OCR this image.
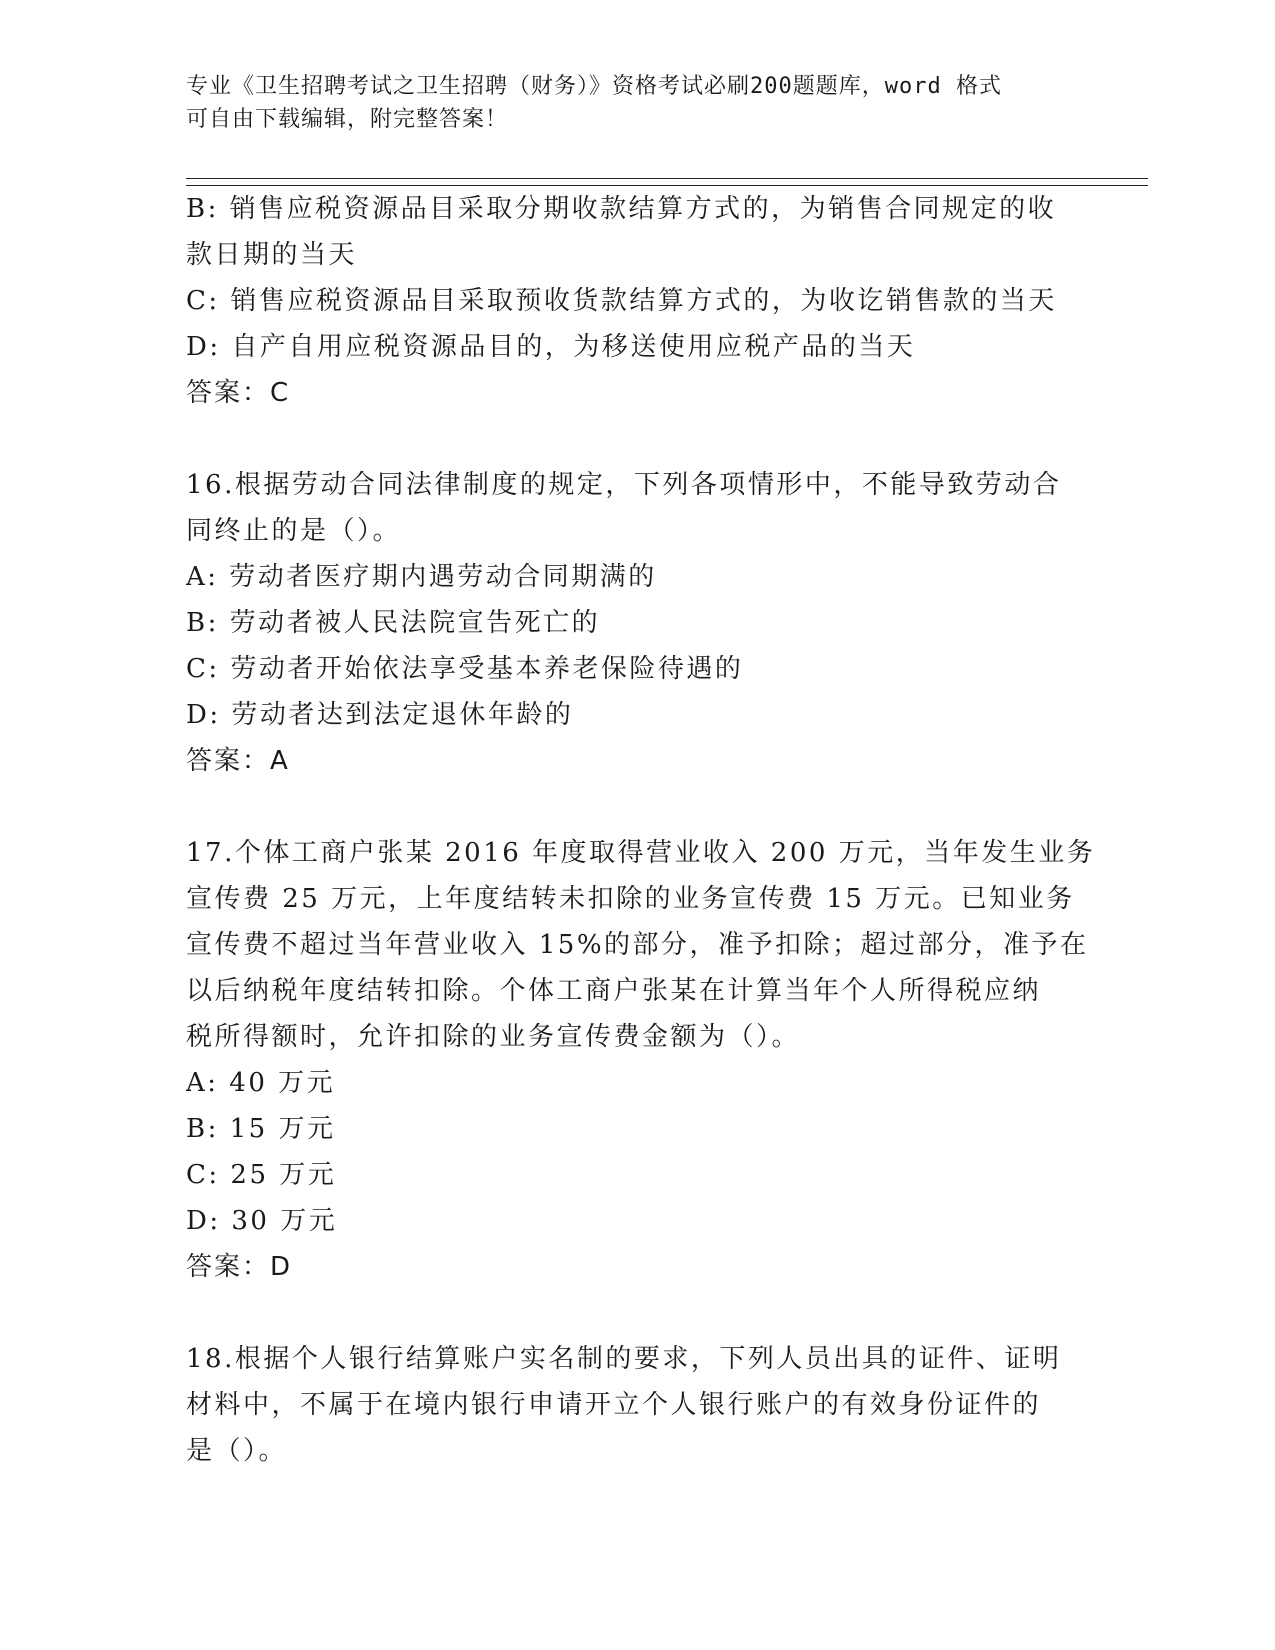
专业《卫生招聘考试之卫生招聘（财务）》资格考试必刷200题题库，word 格式
可自由下载编辑，附完整答案！
B: 销售应税资源品目采取分期收款结算方式的，为销售合同规定的收
款日期的当天
C: 销售应税资源品目采取预收货款结算方式的，为收讫销售款的当天
D: 自产自用应税资源品目的，为移送使用应税产品的当天
答案：C
16.根据劳动合同法律制度的规定，下列各项情形中，不能导致劳动合
同终止的是（）。
A: 劳动者医疗期内遇劳动合同期满的
B: 劳动者被人民法院宣告死亡的
C: 劳动者开始依法享受基本养老保险待遇的
D: 劳动者达到法定退休年龄的
答案：A
17.个体工商户张某 2016 年度取得营业收入 200 万元，当年发生业务
宣传费 25 万元，上年度结转未扣除的业务宣传费 15 万元。已知业务
宣传费不超过当年营业收入 15%的部分，准予扣除；超过部分，准予在
以后纳税年度结转扣除。个体工商户张某在计算当年个人所得税应纳
税所得额时，允许扣除的业务宣传费金额为（）。
A: 40 万元
B: 15 万元
C: 25 万元
D: 30 万元
答案：D
18.根据个人银行结算账户实名制的要求，下列人员出具的证件、证明
材料中，不属于在境内银行申请开立个人银行账户的有效身份证件的
是（）。
